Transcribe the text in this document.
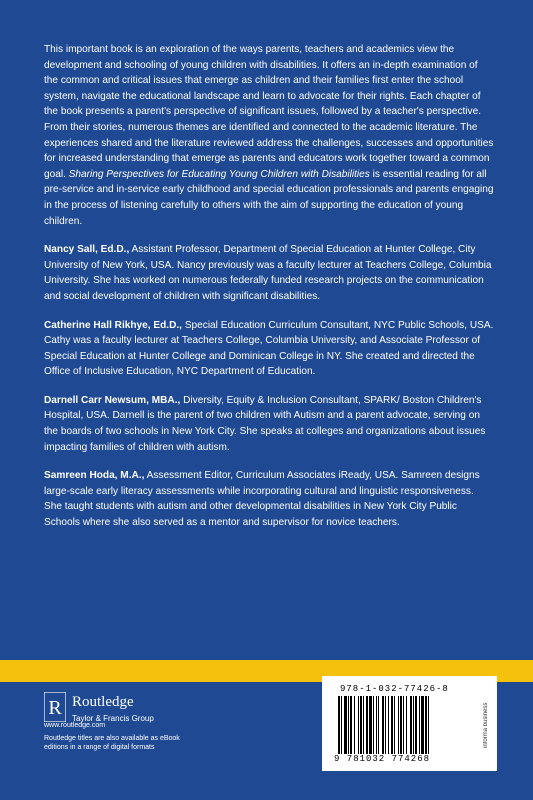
This important book is an exploration of the ways parents, teachers and academics view the development and schooling of young children with disabilities. It offers an in-depth examination of the common and critical issues that emerge as children and their families first enter the school system, navigate the educational landscape and learn to advocate for their rights. Each chapter of the book presents a parent's perspective of significant issues, followed by a teacher's perspective. From their stories, numerous themes are identified and connected to the academic literature. The experiences shared and the literature reviewed address the challenges, successes and opportunities for increased understanding that emerge as parents and educators work together toward a common goal. Sharing Perspectives for Educating Young Children with Disabilities is essential reading for all pre-service and in-service early childhood and special education professionals and parents engaging in the process of listening carefully to others with the aim of supporting the education of young children.

Nancy Sall, Ed.D., Assistant Professor, Department of Special Education at Hunter College, City University of New York, USA. Nancy previously was a faculty lecturer at Teachers College, Columbia University. She has worked on numerous federally funded research projects on the communication and social development of children with significant disabilities.

Catherine Hall Rikhye, Ed.D., Special Education Curriculum Consultant, NYC Public Schools, USA. Cathy was a faculty lecturer at Teachers College, Columbia University, and Associate Professor of Special Education at Hunter College and Dominican College in NY. She created and directed the Office of Inclusive Education, NYC Department of Education.

Darnell Carr Newsum, MBA., Diversity, Equity & Inclusion Consultant, SPARK/ Boston Children's Hospital, USA. Darnell is the parent of two children with Autism and a parent advocate, serving on the boards of two schools in New York City. She speaks at colleges and organizations about issues impacting families of children with autism.

Samreen Hoda, M.A., Assessment Editor, Curriculum Associates iReady, USA. Samreen designs large-scale early literacy assessments while incorporating cultural and linguistic responsiveness. She taught students with autism and other developmental disabilities in New York City Public Schools where she also served as a mentor and supervisor for novice teachers.

R Routledge
Taylor & Francis Group
www.routledge.com
Routledge titles are also available as eBook editions in a range of digital formats
978-1-032-77426-8
9 781032 774268
informa business
